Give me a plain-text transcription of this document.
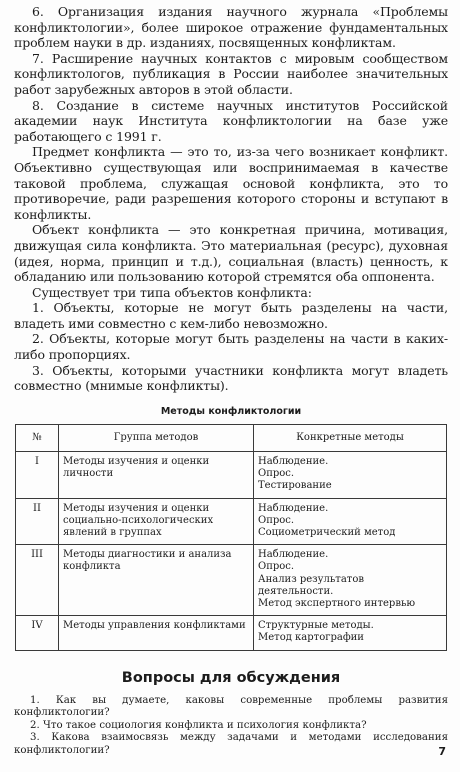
6. Организация издания научного журнала «Проблемы конфликтологии», более широкое отражение фундаментальных проблем науки в др. изданиях, посвященных конфликтам.

7. Расширение научных контактов с мировым сообществом конфликтологов, публикация в России наиболее значительных работ зарубежных авторов в этой области.

8. Создание в системе научных институтов Российской академии наук Института конфликтологии на базе уже работающего с 1991 г.

Предмет конфликта — это то, из-за чего возникает конфликт. Объективно существующая или воспринимаемая в качестве таковой проблема, служащая основой конфликта, это то противоречие, ради разрешения которого стороны и вступают в конфликты.

Объект конфликта — это конкретная причина, мотивация, движущая сила конфликта. Это материальная (ресурс), духовная (идея, норма, принцип и т.д.), социальная (власть) ценность, к обладанию или пользованию которой стремятся оба оппонента.

Существует три типа объектов конфликта:

1. Объекты, которые не могут быть разделены на части, владеть ими совместно с кем-либо невозможно.

2. Объекты, которые могут быть разделены на части в каких-либо пропорциях.

3. Объекты, которыми участники конфликта могут владеть совместно (мнимые конфликты).

Методы конфликтологии
№	Группа методов	Конкретные методы
I	Методы изучения и оценки личности	Наблюдение.
Опрос.
Тестирование

II	Методы изучения и оценки социально-психологических явлений в группах	Наблюдение.
Опрос.
Социометрический метод

III	Методы диагностики и анализа конфликта	Наблюдение.
Опрос.
Анализ результатов деятельности.
Метод экспертного интервью

IV	Методы управления конфликтами	Структурные методы.
Метод картографии
Вопросы для обсуждения

1. Как вы думаете, каковы современные проблемы развития конфликтологии?

2. Что такое социология конфликта и психология конфликта?

3. Какова взаимосвязь между задачами и методами исследования конфликтологии?	7
